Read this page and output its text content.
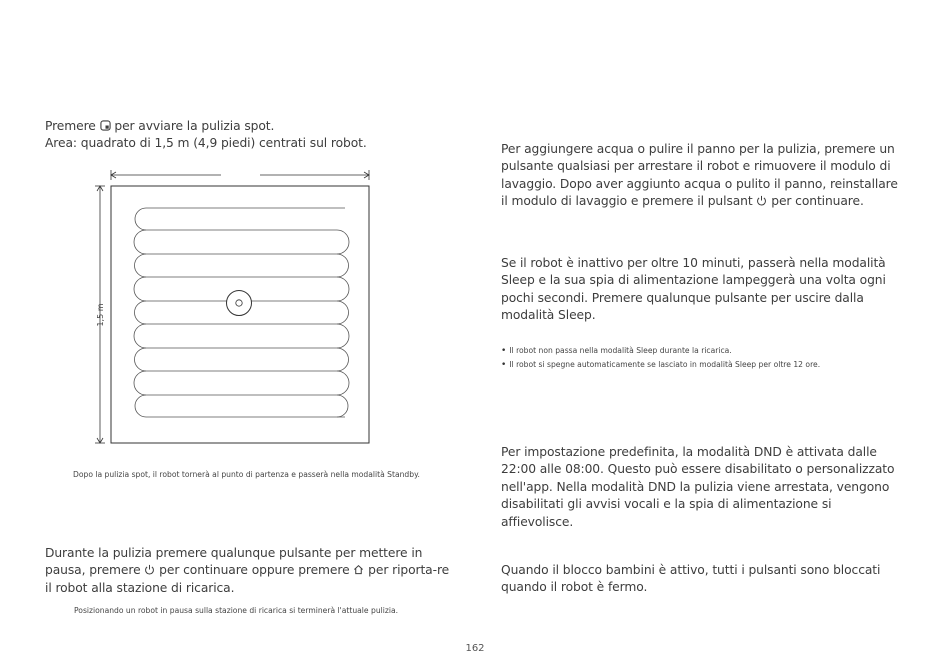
Premere per avviare la pulizia spot.
Area: quadrato di 1,5 m (4,9 piedi) centrati sul robot.

1,5 m

Dopo la pulizia spot, il robot tornerà al punto di partenza e passerà nella modalità Standby.

Durante la pulizia premere qualunque pulsante per mettere in pausa, premere per continuare oppure premere per riporta-re il robot alla stazione di ricarica.

Posizionando un robot in pausa sulla stazione di ricarica si terminerà l'attuale pulizia.

Per aggiungere acqua o pulire il panno per la pulizia, premere un pulsante qualsiasi per arrestare il robot e rimuovere il modulo di lavaggio. Dopo aver aggiunto acqua o pulito il panno, reinstallare il modulo di lavaggio e premere il pulsant per continuare.

Se il robot è inattivo per oltre 10 minuti, passerà nella modalità Sleep e la sua spia di alimentazione lampeggerà una volta ogni pochi secondi. Premere qualunque pulsante per uscire dalla modalità Sleep.

• Il robot non passa nella modalità Sleep durante la ricarica.
• Il robot si spegne automaticamente se lasciato in modalità Sleep per oltre 12 ore.

Per impostazione predefinita, la modalità DND è attivata dalle 22:00 alle 08:00. Questo può essere disabilitato o personalizzato nell'app. Nella modalità DND la pulizia viene arrestata, vengono disabilitati gli avvisi vocali e la spia di alimentazione si affievolisce.

Quando il blocco bambini è attivo, tutti i pulsanti sono bloccati quando il robot è fermo.

162
